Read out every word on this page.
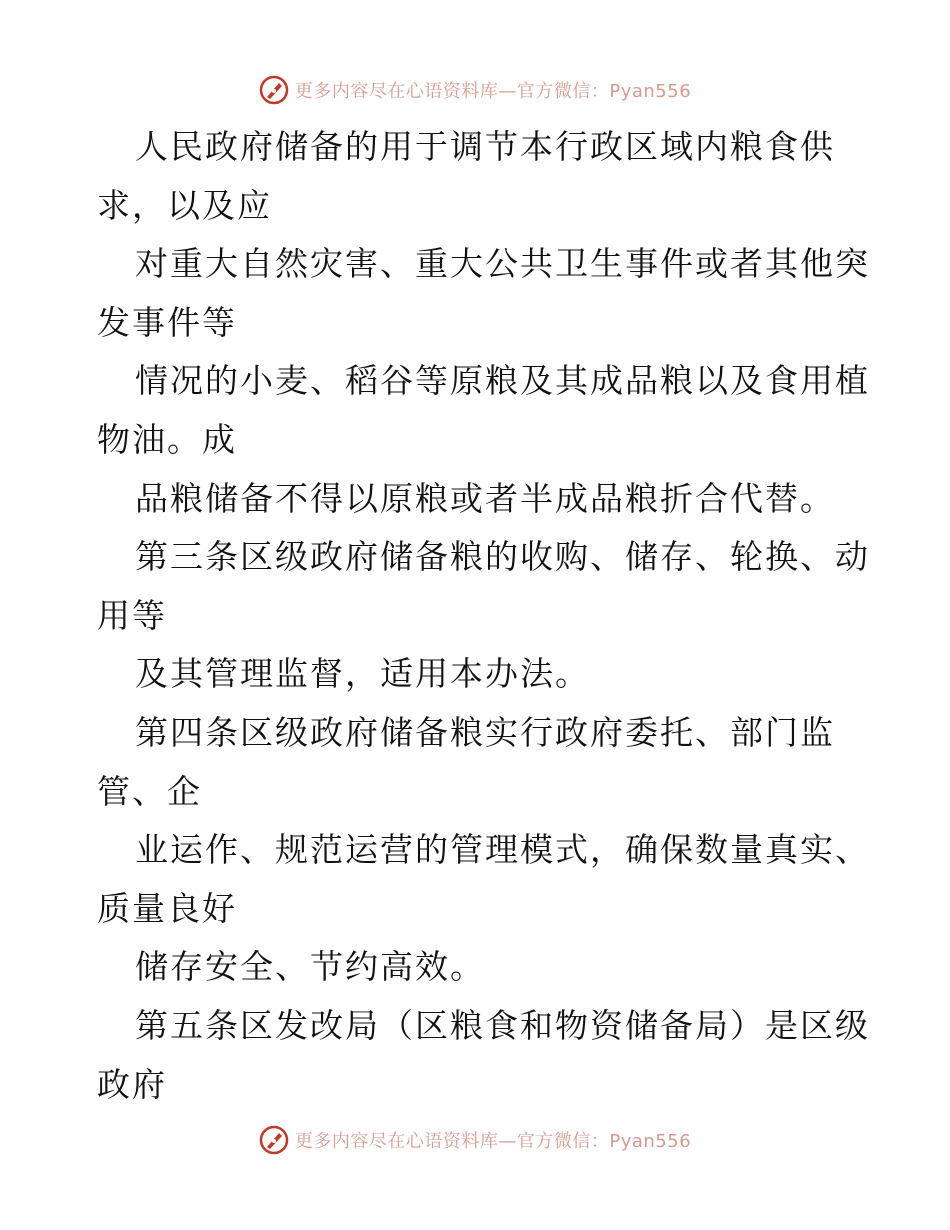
更多内容尽在心语资料库—官方微信：Pyan556
人民政府储备的用于调节本行政区域内粮食供
求，以及应
对重大自然灾害、重大公共卫生事件或者其他突
发事件等
情况的小麦、稻谷等原粮及其成品粮以及食用植
物油。成
品粮储备不得以原粮或者半成品粮折合代替。
第三条区级政府储备粮的收购、储存、轮换、动
用等
及其管理监督，适用本办法。
第四条区级政府储备粮实行政府委托、部门监
管、企
业运作、规范运营的管理模式，确保数量真实、
质量良好
储存安全、节约高效。
第五条区发改局（区粮食和物资储备局）是区级
政府
更多内容尽在心语资料库—官方微信：Pyan556
